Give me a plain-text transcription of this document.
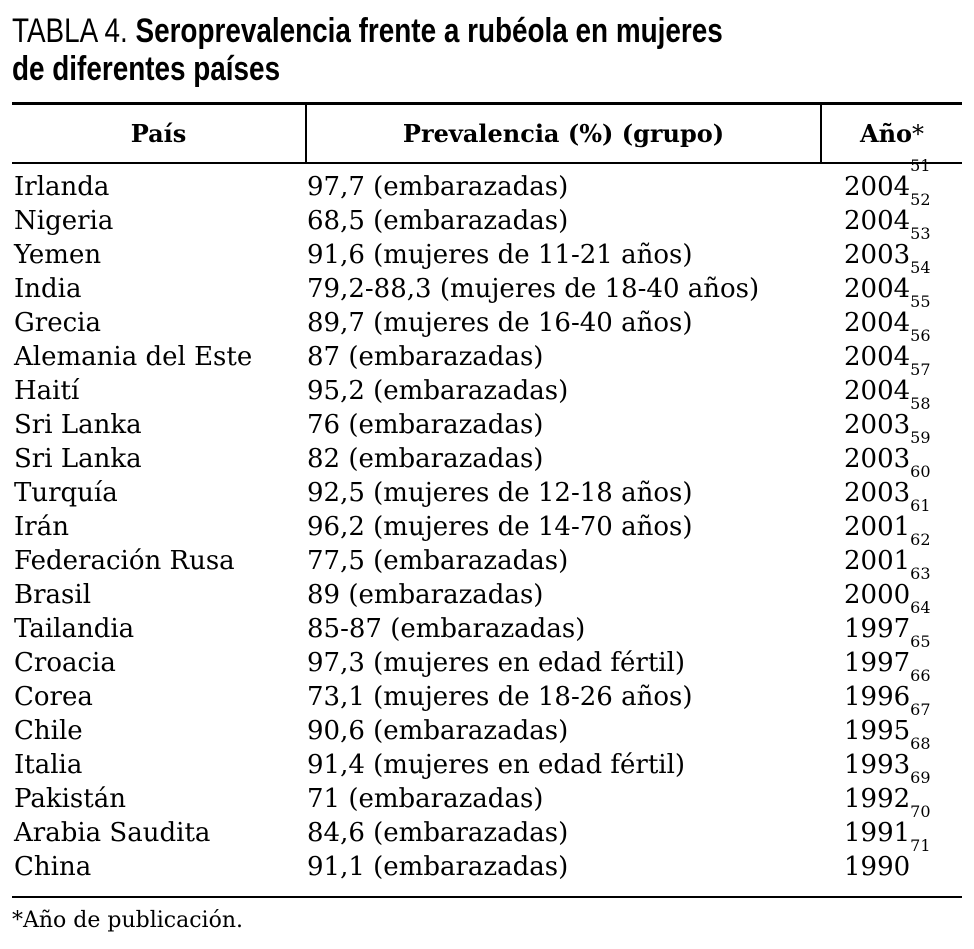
TABLA 4. Seroprevalencia frente a rubéola en mujeres
de diferentes países
País	Prevalencia (%) (grupo)	Año*
Irlanda	97,7 (embarazadas)	2004$^{51}$
Nigeria	68,5 (embarazadas)	2004$^{52}$
Yemen	91,6 (mujeres de 11-21 años)	2003$^{53}$
India	79,2-88,3 (mujeres de 18-40 años)	2004$^{54}$
Grecia	89,7 (mujeres de 16-40 años)	2004$^{55}$
Alemania del Este 87 (embarazadas)	2004$^{56}$
Haití	95,2 (embarazadas)	2004$^{57}$
Sri Lanka	76 (embarazadas)	2003$^{58}$
Sri Lanka	82 (embarazadas)	2003$^{59}$
Turquía	92,5 (mujeres de 12-18 años)	2003$^{60}$
Irán	96,2 (mujeres de 14-70 años)	2001$^{61}$
Federación Rusa	77,5 (embarazadas)	2001$^{62}$
Brasil	89 (embarazadas)	2000$^{63}$
Tailandia	85-87 (embarazadas)	1997$^{64}$
Croacia	97,3 (mujeres en edad fértil)	1997$^{65}$
Corea	73,1 (mujeres de 18-26 años)	1996$^{66}$
Chile	90,6 (embarazadas)	1995$^{67}$
Italia	91,4 (mujeres en edad fértil)	1993$^{68}$
Pakistán	71 (embarazadas)	1992$^{69}$
Arabia Saudita	84,6 (embarazadas)	1991$^{70}$
China	91,1 (embarazadas)	1990$^{71}$
*Año de publicación.
